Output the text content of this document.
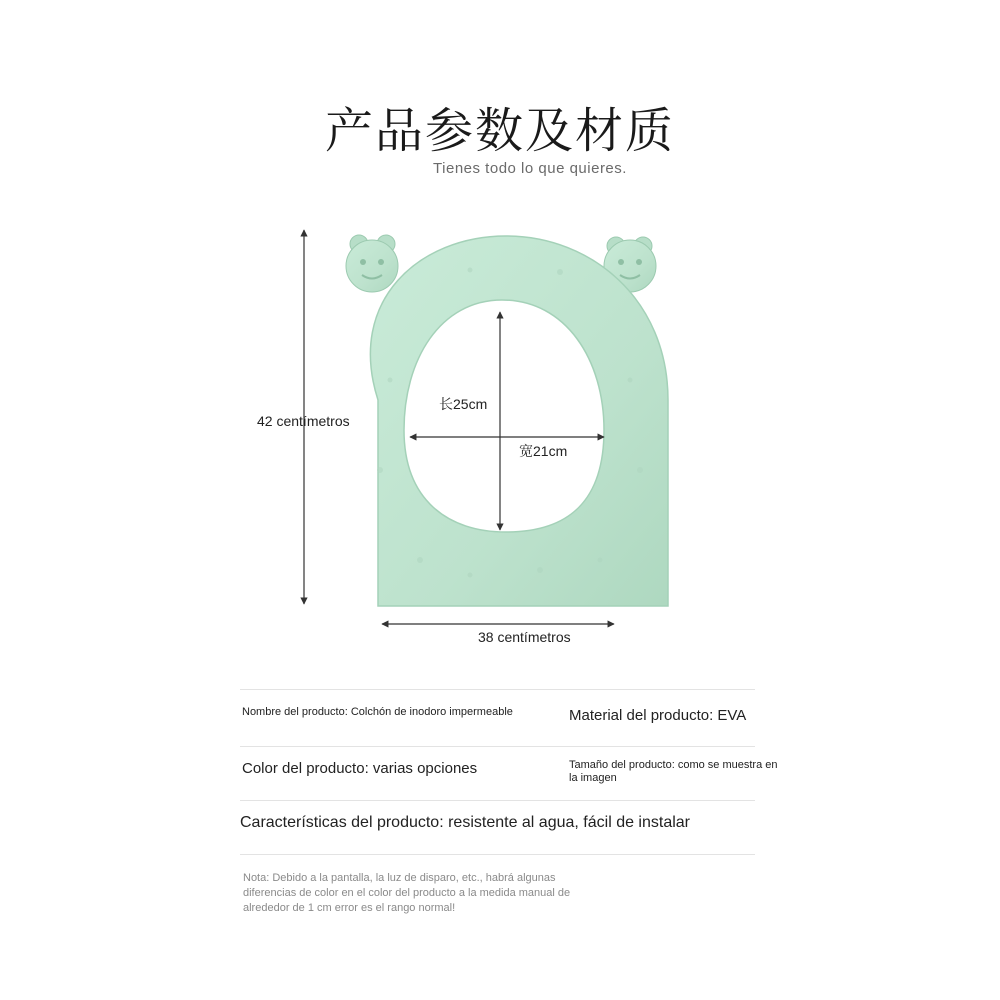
产品参数及材质
Tienes todo lo que quieres.
42 centímetros
38 centímetros
长25cm
宽21cm
Nombre del producto: Colchón de inodoro impermeable	Material del producto: EVA
Color del producto: varias opciones	Tamaño del producto: como se muestra en la imagen
Características del producto: resistente al agua, fácil de instalar
Nota: Debido a la pantalla, la luz de disparo, etc., habrá algunas diferencias de color en el color del producto a la medida manual de alrededor de 1 cm error es el rango normal!
